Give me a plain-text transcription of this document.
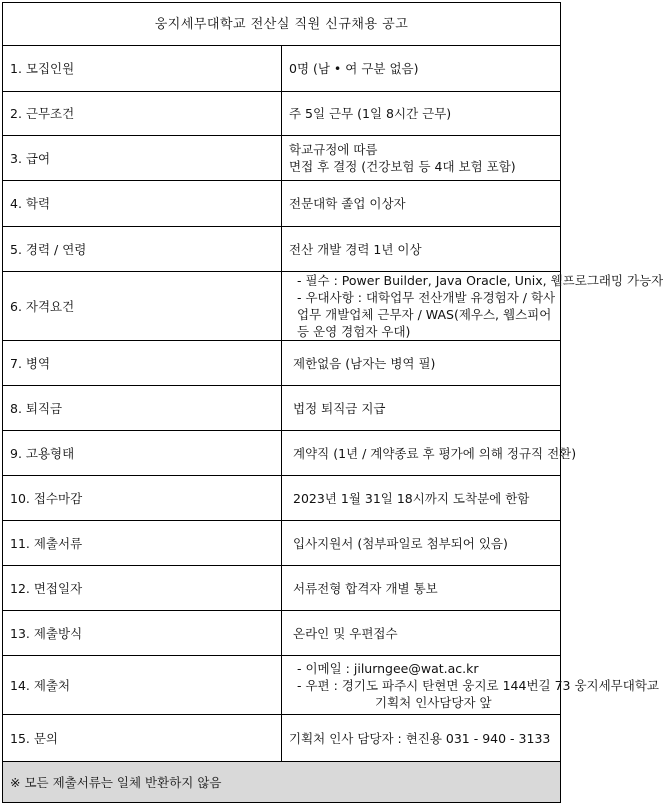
웅지세무대학교 전산실 직원 신규채용 공고	
1. 모집인원	0명 (남 • 여 구분 없음)

2. 근무조건	주 5일 근무 (1일 8시간 근무)

3. 급여	학교규정에 따름
면접 후 결정 (건강보험 등 4대 보험 포함)

4. 학력	전문대학 졸업 이상자

5. 경력 / 연령	전산 개발 경력 1년 이상

6. 자격요건	- 필수 : Power Builder, Java Oracle, Unix, 웹프로그래밍 가능자
- 우대사항 : 대학업무 전산개발 유경험자 / 학사업무 개발업체 근무자 / WAS(제우스, 웹스피어 등 운영 경험자 우대)

7. 병역	제한없음 (남자는 병역 필)

8. 퇴직금	법정 퇴직금 지급

9. 고용형태	계약직 (1년 / 계약종료 후 평가에 의해 정규직 전환)

10. 접수마감	2023년 1월 31일 18시까지 도착분에 한함

11. 제출서류	입사지원서 (첨부파일로 첨부되어 있음)

12. 면접일자	서류전형 합격자 개별 통보

13. 제출방식	온라인 및 우편접수

14. 제출처	- 이메일 : jilurngee@wat.ac.kr
- 우편 : 경기도 파주시 탄현면 웅지로 144번길 73 웅지세무대학교
기획처 인사담당자 앞

15. 문의	기획처 인사 담당자 : 현진용 031 - 940 - 3133

※ 모든 제출서류는 일체 반환하지 않음	
